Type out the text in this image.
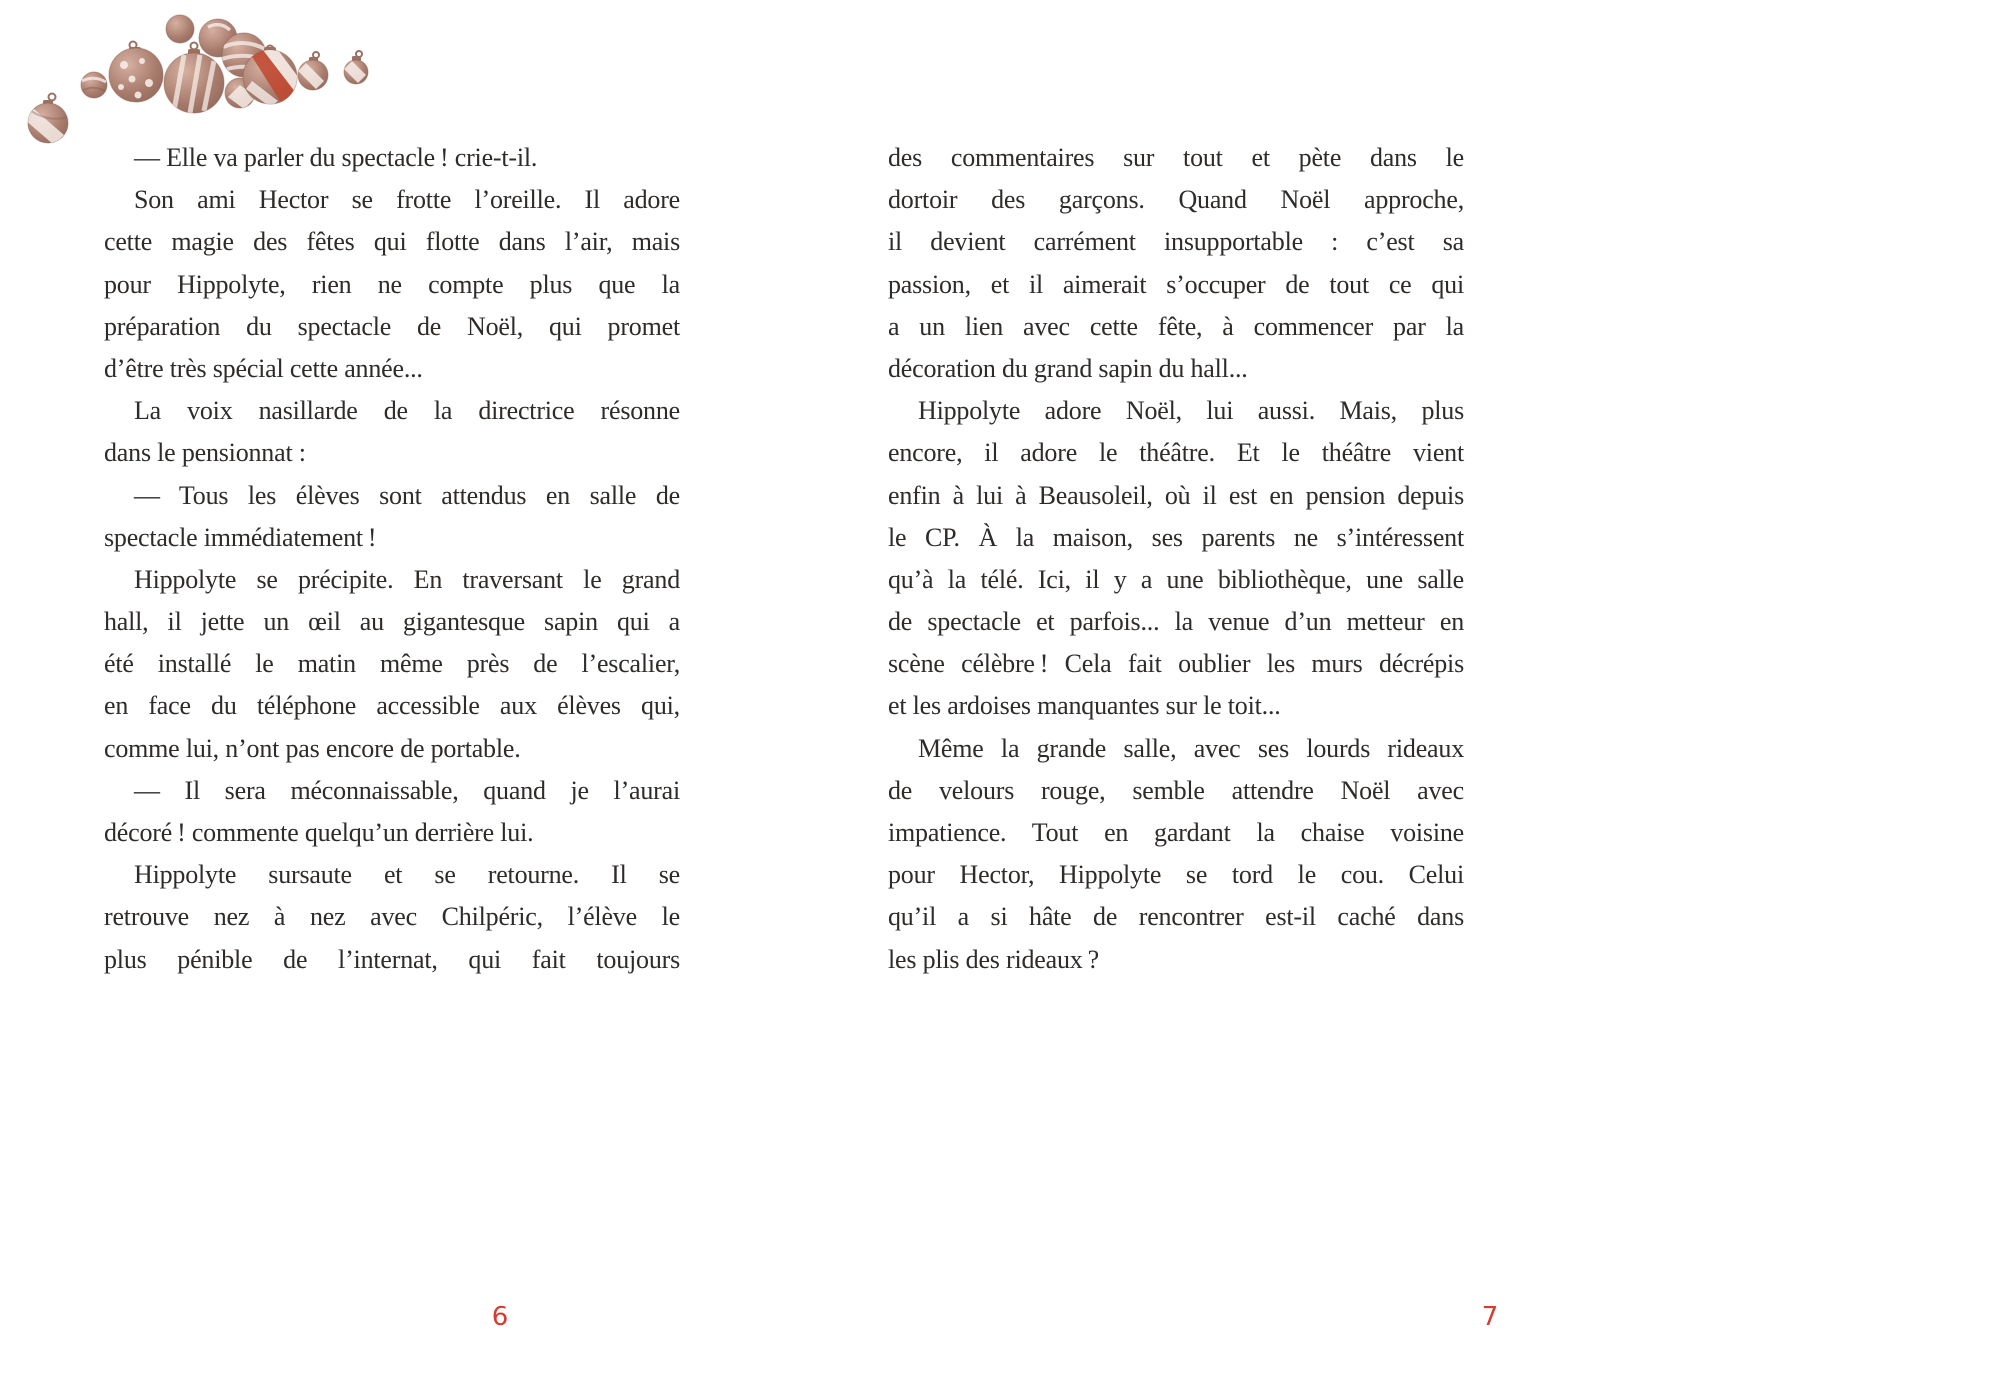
— Elle va parler du spectacle ! crie-t-il.
Son ami Hector se frotte l’oreille. Il adore
cette magie des fêtes qui flotte dans l’air, mais
pour Hippolyte, rien ne compte plus que la
préparation du spectacle de Noël, qui promet
d’être très spécial cette année...
La voix nasillarde de la directrice résonne
dans le pensionnat :
— Tous les élèves sont attendus en salle de
spectacle immédiatement !
Hippolyte se précipite. En traversant le grand
hall, il jette un œil au gigantesque sapin qui a
été installé le matin même près de l’escalier,
en face du téléphone accessible aux élèves qui,
comme lui, n’ont pas encore de portable.
— Il sera méconnaissable, quand je l’aurai
décoré ! commente quelqu’un derrière lui.
Hippolyte sursaute et se retourne. Il se
retrouve nez à nez avec Chilpéric, l’élève le
plus pénible de l’internat, qui fait toujours
6
des commentaires sur tout et pète dans le
dortoir des garçons. Quand Noël approche,
il devient carrément insupportable : c’est sa
passion, et il aimerait s’occuper de tout ce qui
a un lien avec cette fête, à commencer par la
décoration du grand sapin du hall...
Hippolyte adore Noël, lui aussi. Mais, plus
encore, il adore le théâtre. Et le théâtre vient
enfin à lui à Beausoleil, où il est en pension depuis
le CP. À la maison, ses parents ne s’intéressent
qu’à la télé. Ici, il y a une bibliothèque, une salle
de spectacle et parfois... la venue d’un metteur en
scène célèbre ! Cela fait oublier les murs décrépis
et les ardoises manquantes sur le toit...
Même la grande salle, avec ses lourds rideaux
de velours rouge, semble attendre Noël avec
impatience. Tout en gardant la chaise voisine
pour Hector, Hippolyte se tord le cou. Celui
qu’il a si hâte de rencontrer est-il caché dans
les plis des rideaux ?
7
